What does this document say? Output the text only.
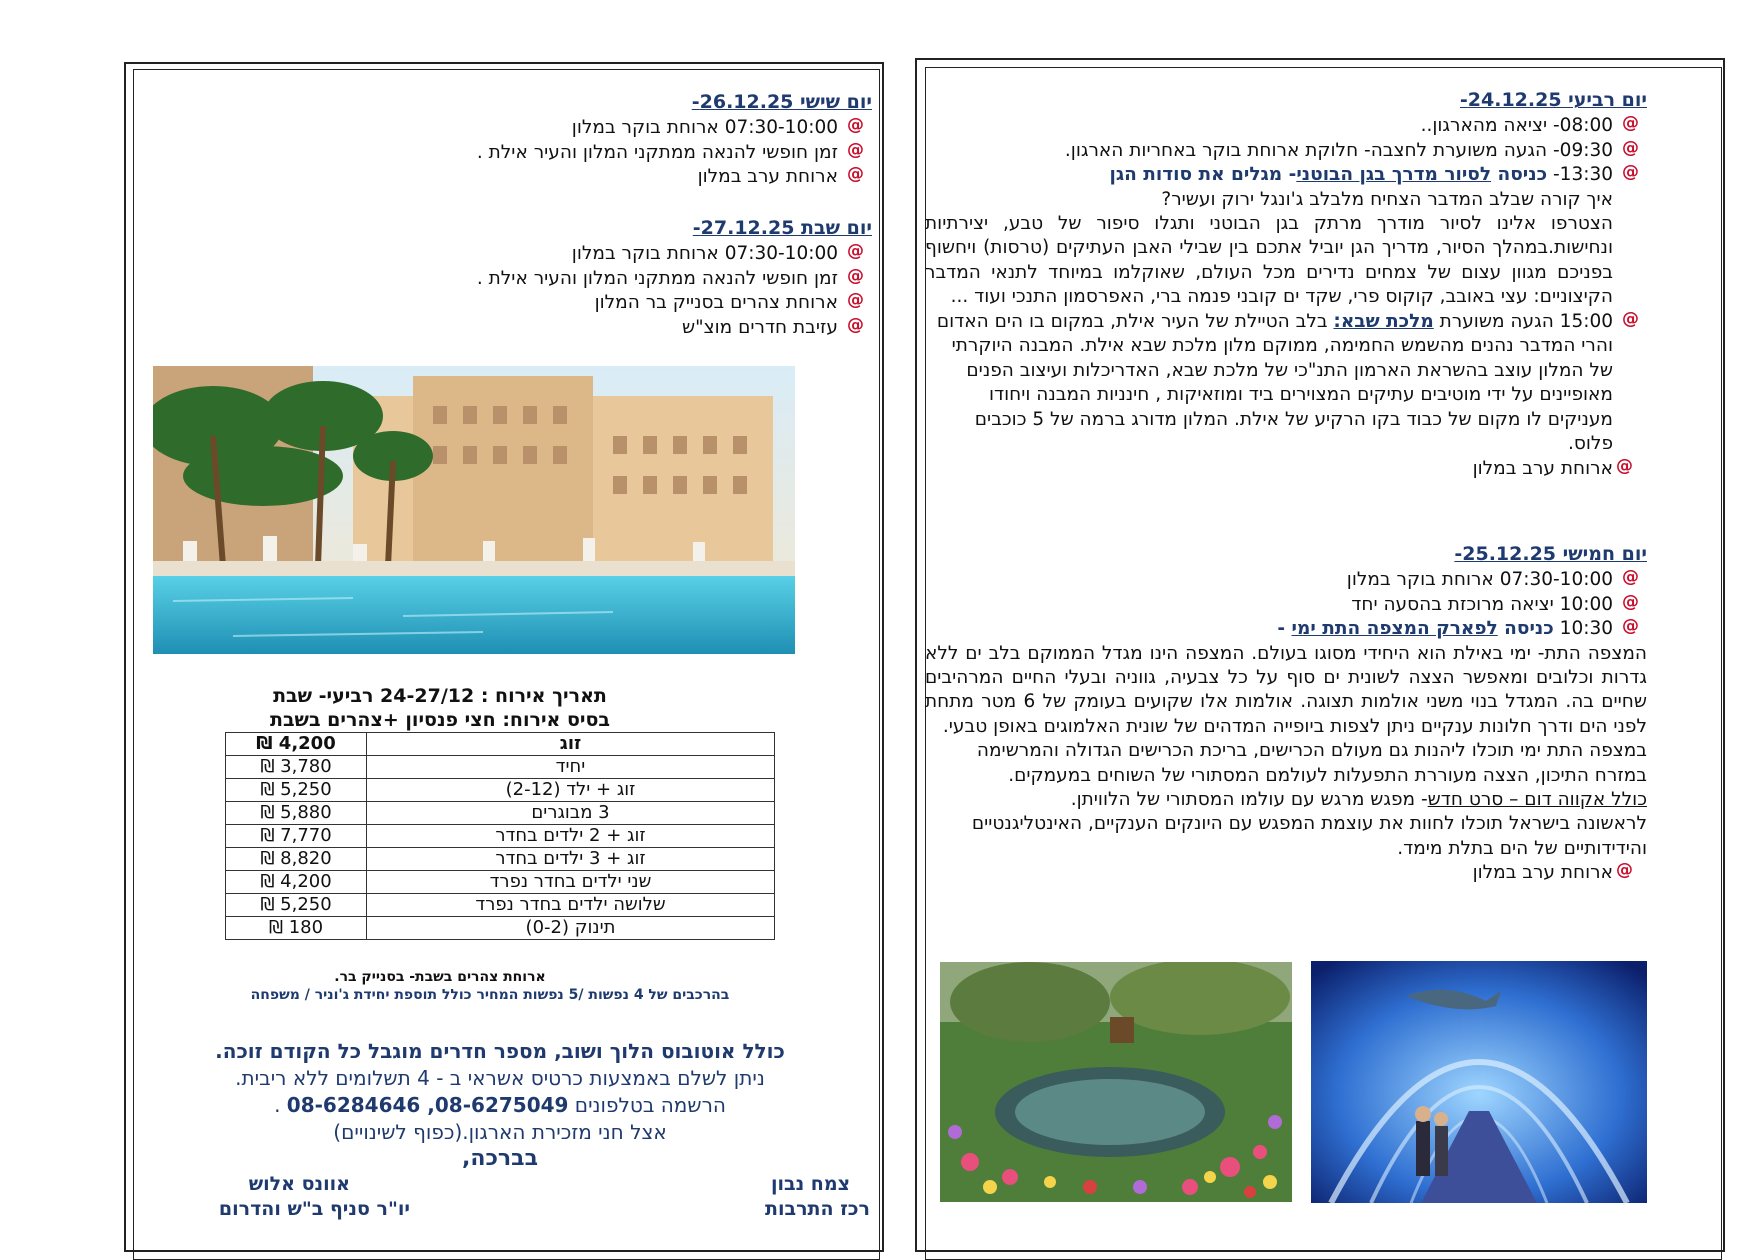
יום שישי 26.12.25-
@
07:30-10:00 ארוחת בוקר במלון
@
זמן חופשי להנאה ממתקני המלון והעיר אילת .
@
ארוחת ערב במלון
יום שבת 27.12.25-
@
07:30-10:00 ארוחת בוקר במלון
@
זמן חופשי להנאה ממתקני המלון והעיר אילת .
@
ארוחת צהרים בסנייק בר המלון
@
עזיבת חדרים מוצ"ש
תאריך אירוח : 24-27/12 רביעי- שבת
בסיס אירוח: חצי פנסיון +צהרים בשבת
זוג	4,200 ₪
יחיד	3,780 ₪
זוג + ילד (2-12)	5,250 ₪
3 מבוגרים	5,880 ₪
זוג + 2 ילדים בחדר	7,770 ₪
זוג + 3 ילדים בחדר	8,820 ₪
שני ילדים בחדר נפרד	4,200 ₪
שלושה ילדים בחדר נפרד	5,250 ₪
תינוק (0-2)	180 ₪
ארוחת צהרים בשבת- בסנייק בר.
בהרכבים של 4 נפשות /5 נפשות המחיר כולל תוספת יחידת ג'וניר / משפחה
כולל אוטובוס הלוך ושוב, מספר חדרים מוגבל כל הקודם זוכה.
ניתן לשלם באמצעות כרטיס אשראי ב - 4 תשלומים ללא ריבית.
הרשמה בטלפונים 08-6275049, 08-6284646 .
אצל חני מזכירת הארגון.(כפוף לשינויים)
בברכה,
צמח נבון
רכז התרבות
אוונס אלוש
יו"ר סניף ב"ש והדרום
יום רביעי 24.12.25-
@
08:00- יציאה מהארגון..
@
09:30- הגעה משוערת לחצבה- חלוקת ארוחת בוקר באחריות הארגון.
@
13:30- כניסה לסיור מדרך בגן הבוטני- מגלים את סודות הגן

איך קורה שבלב המדבר הצחיח מלבלב ג'ונגל ירוק ועשיר?

הצטרפו אלינו לסיור מודרך מרתק בגן הבוטני ותגלו סיפור של טבע, יצירתיות ונחישות.במהלך הסיור, מדריך הגן יוביל אתכם בין שבילי האבן העתיקים (טרסות) ויחשוף בפניכם מגוון עצום של צמחים נדירים מכל העולם, שאוקלמו במיוחד לתנאי המדבר הקיצוניים: עצי באובב, קוקוס פרי, שקד ים קובני פנמה ברי, האפרסמון התנכי ועוד ...

@

15:00 הגעה משוערת מלכת שבא: בלב הטיילת של העיר אילת, במקום בו הים האדום והרי המדבר נהנים מהשמש החמימה, ממוקם מלון מלכת שבא אילת. המבנה היוקרתי של המלון עוצב בהשראת הארמון התנ"כי של מלכת שבא, האדריכלות ועיצוב הפנים מאופיינים על ידי מוטיבים עתיקים המצוירים ביד ומוזאיקות , חינניות המבנה ויחודו מעניקים לו מקום של כבוד בקו הרקיע של אילת. המלון מדורג ברמה של 5 כוכבים פלוס.

@
ארוחת ערב במלון
יום חמישי 25.12.25-
@
07:30-10:00 ארוחת בוקר במלון
@
10:00 יציאה מרוכזת בהסעה יחד
@
10:30 כניסה לפארק המצפה התת ימי -

המצפה התת- ימי באילת הוא היחידי מסוגו בעולם. המצפה הינו מגדל הממוקם בלב ים ללא גדרות וכלובים ומאפשר הצצה לשונית ים סוף על כל צבעיה, גווניה ובעלי החיים המרהיבים שחיים בה. המגדל בנוי משני אולמות תצוגה. אולמות אלו שקועים בעומק של 6 מטר מתחת לפני הים ודרך חלונות ענקיים ניתן לצפות ביופייה המדהים של שונית האלמוגים באופן טבעי.

במצפה התת ימי תוכלו ליהנות גם מעולם הכרישים, בריכת הכרישים הגדולה והמרשימה במזרח התיכון, הצצה מעוררת התפעלות לעולמם המסתורי של השוחים במעמקים.

כולל אקווה דום – סרט חדש- מפגש מרגש עם עולמו המסתורי של הלוויתן.

לראשונה בישראל תוכלו לחוות את עוצמת המפגש עם היונקים הענקיים, האינטליגנטיים והידידותיים של הים בתלת מימד.

@
ארוחת ערב במלון
